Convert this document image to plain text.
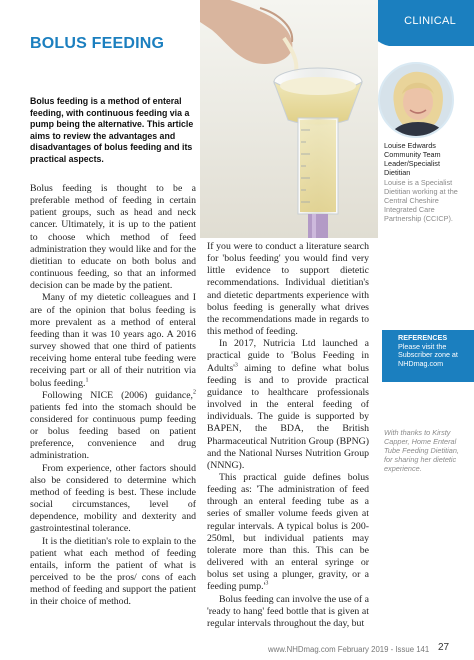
CLINICAL
BOLUS FEEDING
Louise Edwards
Community Team Leader/Specialist Dietitian
Louise is a Specialist Dietitian working at the Central Cheshire Integrated Care Partnership (CCICP).

Bolus feeding is a method of enteral feeding, with continuous feeding via a pump being the alternative. This article aims to review the advantages and disadvantages of bolus feeding and its practical aspects.

Bolus feeding is thought to be a preferable method of feeding in certain patient groups, such as head and neck cancer. Ultimately, it is up to the patient to choose which method of feed administration they would like and for the dietitian to educate on both bolus and continuous feeding, so that an informed decision can be made by the patient.

Many of my dietetic colleagues and I are of the opinion that bolus feeding is more prevalent as a method of enteral feeding than it was 10 years ago. A 2016 survey showed that one third of patients receiving home enteral tube feeding were receiving part or all of their nutrition via bolus feeding.$^1$

Following NICE (2006) guidance,$^2$ patients fed into the stomach should be considered for continuous pump feeding or bolus feeding based on patient preference, convenience and drug administration.

From experience, other factors should also be considered to determine which method of feeding is best. These include social circumstances, level of dependence, mobility and dexterity and gastrointestinal tolerance.

It is the dietitian's role to explain to the patient what each method of feeding entails, inform the patient of what is perceived to be the pros/ cons of each method of feeding and support the patient in their choice of method.

If you were to conduct a literature search for 'bolus feeding' you would find very little evidence to support dietetic recommendations. Individual dietitian's and dietetic departments experience with bolus feeding is generally what drives the recommendations made in regards to this method of feeding.

In 2017, Nutricia Ltd launched a practical guide to 'Bolus Feeding in $Adults'^3$ aiming to define what bolus feeding is and to provide practical guidance to healthcare professionals involved in the enteral feeding of individuals. The guide is supported by BAPEN, the BDA, the British Pharmaceutical Nutrition Group (BPNG) and the National Nurses Nutrition Group (NNNG).

This practical guide defines bolus feeding as: 'The administration of feed through an enteral feeding tube as a series of smaller volume feeds given at regular intervals. A typical bolus is 200-250ml, but individual patients may tolerate more than this. This can be delivered with an enteral syringe or bolus set using a plunger, gravity, or a feeding $pump.'^3$

Bolus feeding can involve the use of a 'ready to hang' feed bottle that is given at regular intervals throughout the day, but

REFERENCES
Please visit the Subscriber zone at NHDmag.com

With thanks to Kirsty Capper, Home Enteral Tube Feeding Dietitian, for sharing her dietetic experience.

www.NHDmag.com February 2019 - Issue 141 27
